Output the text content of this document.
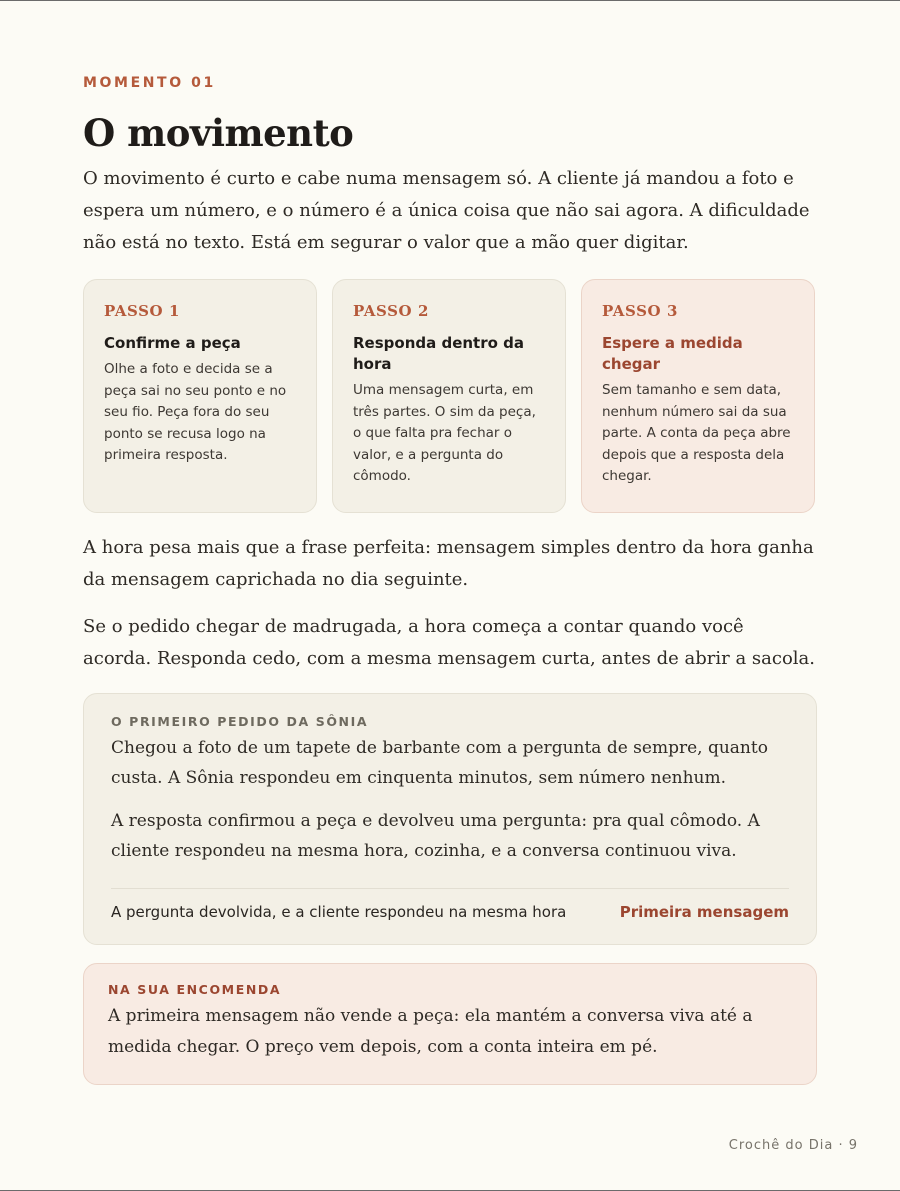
MOMENTO 01
O movimento

O movimento é curto e cabe numa mensagem só. A cliente já mandou a foto e espera um número, e o número é a única coisa que não sai agora. A dificuldade não está no texto. Está em segurar o valor que a mão quer digitar.

PASSO 1
Confirme a peça
Olhe a foto e decida se a peça sai no seu ponto e no seu fio. Peça fora do seu ponto se recusa logo na primeira resposta.
PASSO 2
Responda dentro da hora
Uma mensagem curta, em três partes. O sim da peça, o que falta pra fechar o valor, e a pergunta do cômodo.
PASSO 3
Espere a medida chegar
Sem tamanho e sem data, nenhum número sai da sua parte. A conta da peça abre depois que a resposta dela chegar.

A hora pesa mais que a frase perfeita: mensagem simples dentro da hora ganha da mensagem caprichada no dia seguinte.

Se o pedido chegar de madrugada, a hora começa a contar quando você acorda. Responda cedo, com a mesma mensagem curta, antes de abrir a sacola.

O PRIMEIRO PEDIDO DA SÔNIA

Chegou a foto de um tapete de barbante com a pergunta de sempre, quanto custa. A Sônia respondeu em cinquenta minutos, sem número nenhum.

A resposta confirmou a peça e devolveu uma pergunta: pra qual cômodo. A cliente respondeu na mesma hora, cozinha, e a conversa continuou viva.

A pergunta devolvida, e a cliente respondeu na mesma hora	Primeira mensagem
NA SUA ENCOMENDA

A primeira mensagem não vende a peça: ela mantém a conversa viva até a medida chegar. O preço vem depois, com a conta inteira em pé.

Crochê do Dia · 9
